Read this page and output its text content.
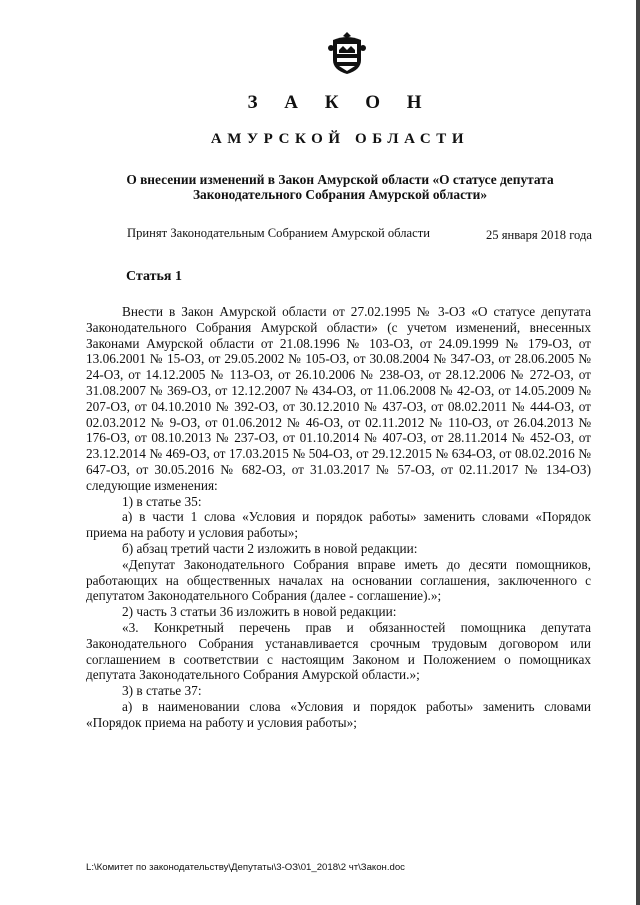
З А К О Н
АМУРСКОЙ ОБЛАСТИ
О внесении изменений в Закон Амурской области «О статусе депутата Законодательного Собрания Амурской области»
Принят Законодательным Собранием Амурской области	25 января 2018 года
Статья 1

Внести в Закон Амурской области от 27.02.1995 № 3-ОЗ «О статусе депутата Законодательного Собрания Амурской области» (с учетом изменений, внесенных Законами Амурской области от 21.08.1996 № 103-ОЗ, от 24.09.1999 № 179-ОЗ, от 13.06.2001 № 15-ОЗ, от 29.05.2002 № 105-ОЗ, от 30.08.2004 № 347-ОЗ, от 28.06.2005 № 24-ОЗ, от 14.12.2005 № 113-ОЗ, от 26.10.2006 № 238-ОЗ, от 28.12.2006 № 272-ОЗ, от 31.08.2007 № 369-ОЗ, от 12.12.2007 № 434-ОЗ, от 11.06.2008 № 42-ОЗ, от 14.05.2009 № 207-ОЗ, от 04.10.2010 № 392-ОЗ, от 30.12.2010 № 437-ОЗ, от 08.02.2011 № 444-ОЗ, от 02.03.2012 № 9-ОЗ, от 01.06.2012 № 46-ОЗ, от 02.11.2012 № 110-ОЗ, от 26.04.2013 № 176-ОЗ, от 08.10.2013 № 237-ОЗ, от 01.10.2014 № 407-ОЗ, от 28.11.2014 № 452-ОЗ, от 23.12.2014 № 469-ОЗ, от 17.03.2015 № 504-ОЗ, от 29.12.2015 № 634-ОЗ, от 08.02.2016 № 647-ОЗ, от 30.05.2016 № 682-ОЗ, от 31.03.2017 № 57-ОЗ, от 02.11.2017 № 134-ОЗ) следующие изменения:

1) в статье 35:

а) в части 1 слова «Условия и порядок работы» заменить словами «Порядок приема на работу и условия работы»;

б) абзац третий части 2 изложить в новой редакции:

«Депутат Законодательного Собрания вправе иметь до десяти помощников, работающих на общественных началах на основании соглашения, заключенного с депутатом Законодательного Собрания (далее - соглашение).»;

2) часть 3 статьи 36 изложить в новой редакции:

«3. Конкретный перечень прав и обязанностей помощника депутата Законодательного Собрания устанавливается срочным трудовым договором или соглашением в соответствии с настоящим Законом и Положением о помощниках депутата Законодательного Собрания Амурской области.»;

3) в статье 37:

а) в наименовании слова «Условия и порядок работы» заменить словами «Порядок приема на работу и условия работы»;

L:\Комитет по законодательству\Депутаты\3-ОЗ\01_2018\2 чт\Закон.doc
